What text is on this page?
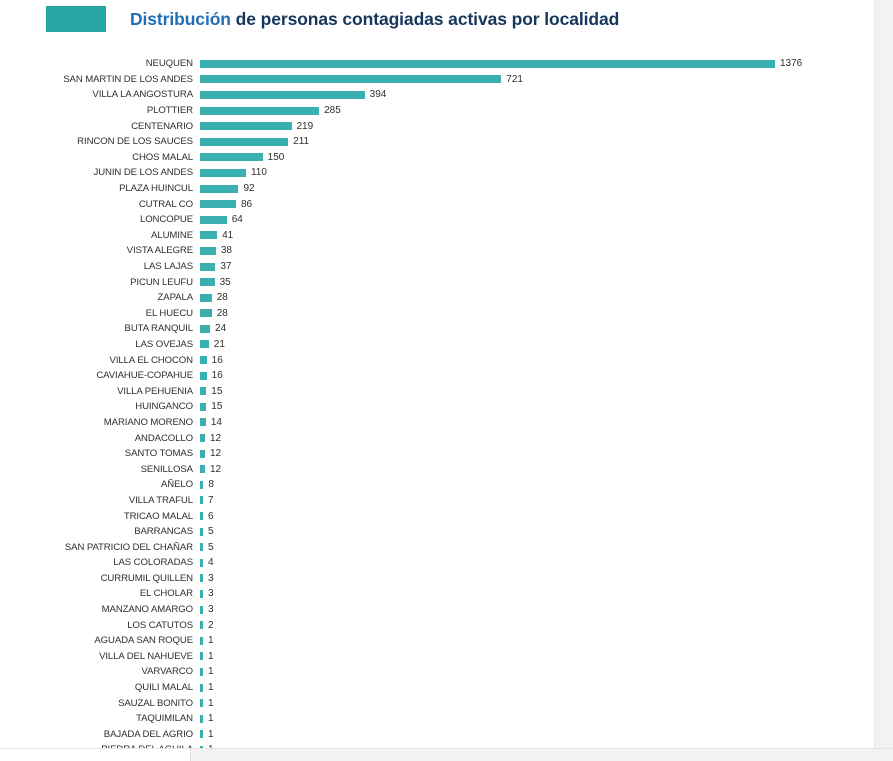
Distribución de personas contagiadas activas por localidad
NEUQUEN	1376
SAN MARTIN DE LOS ANDES	721
VILLA LA ANGOSTURA	394
PLOTTIER	285
CENTENARIO	219
RINCON DE LOS SAUCES	211
CHOS MALAL	150
JUNIN DE LOS ANDES	110
PLAZA HUINCUL	92
CUTRAL CO	86
LONCOPUE	64
ALUMINE	41
VISTA ALEGRE	38
LAS LAJAS	37
PICUN LEUFU	35
ZAPALA	28
EL HUECU	28
BUTA RANQUIL	24
LAS OVEJAS	21
VILLA EL CHOCON	16
CAVIAHUE-COPAHUE	16
VILLA PEHUENIA	15
HUINGANCO	15
MARIANO MORENO	14
ANDACOLLO	12
SANTO TOMAS	12
SENILLOSA	12
AÑELO	8
VILLA TRAFUL	7
TRICAO MALAL	6
BARRANCAS	5
SAN PATRICIO DEL CHAÑAR	5
LAS COLORADAS	4
CURRUMIL QUILLEN	3
EL CHOLAR	3
MANZANO AMARGO	3
LOS CATUTOS	2
AGUADA SAN ROQUE	1
VILLA DEL NAHUEVE	1
VARVARCO	1
QUILI MALAL	1
SAUZAL BONITO	1
TAQUIMILAN	1
BAJADA DEL AGRIO	1
